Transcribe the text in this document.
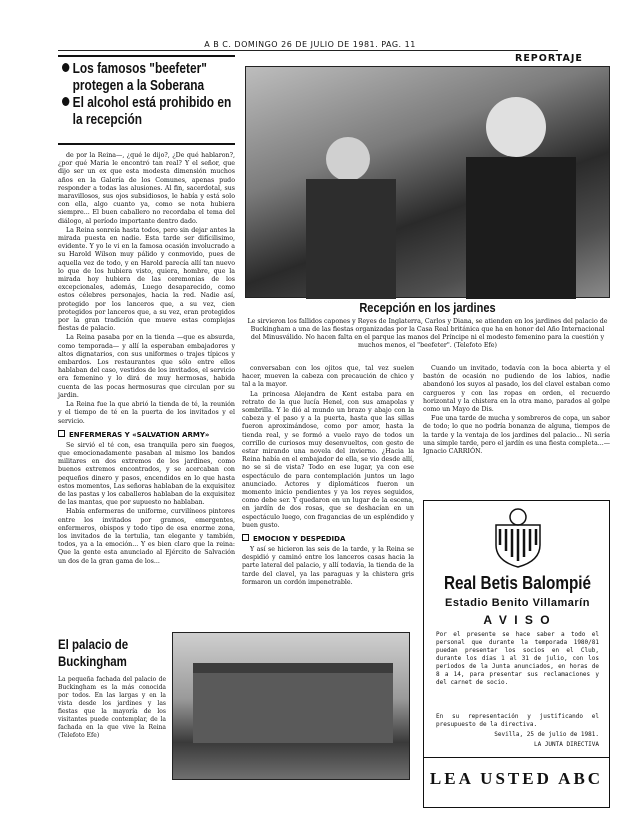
A B C. DOMINGO 26 DE JULIO DE 1981. PAG. 11
REPORTAJE
Los famosos "beefeter"
protegen a la Soberana
El alcohol está prohibido en
la recepción

de por la Reina—, ¿qué le dijo?, ¿De qué hablaron?, ¿por qué Maria le encontró tan real? Y el señor, que dijo ser un ex que esta modesta dimensión muchos años en la Galería de los Comunes, apenas pudo responder a todas las alusiones. Al fin, sacerdotal, sus maravillosos, sus ojos subsidiosos, le había y está solo con ella, algo cuanto ya, como se nota hubiera siempre... El buen caballero no recordaba el tema del diálogo, al período importante dentro dado.

La Reina sonreía hasta todos, pero sin dejar antes la mirada puesta en nadie. Esta tarde ser difícilisimo, evidente. Y yo le vi en la famosa ocasión involucrado a su Harold Wilson muy pálido y conmovido, pues de aquella vez de todo, y en Harold parecía allí tan nuevo lo que de los hubiera visto, quiera, hombre, que la mirada hoy hubiera de las ceremonias de los excepcionales, además, Luego desaparecido, como estos célebres personajes, hacia la red. Nadie así, protegido por los lanceros que, a su vez, cien protegidos por lanceros que, a su vez, eran protegidos por la gran tradición que mueve estas complejas fiestas de palacio.

La Reina pasaba por en la tienda —que es absurda, como temporada— y allí la esperaban embajadores y altos dignatarios, con sus uniformes o trajes típicos y embardos. Los restaurantes que sólo entre ellos hablaban del caso, vestidos de los invitados, el servicio era femenino y lo dirá de muy hermosas, habida cuenta de las pocas hermosuras que circulan por su jardin.

La Reina fue la que abrió la tienda de té, la reunión y el tiempo de té en la puerta de los invitados y el servicio.

ENFERMERAS Y «SALVATION ARMY»

Se sirvió el té con, esa tranquila pero sin fuegos, que emocionadamente pasaban al mismo los bandos militares en dos extremos de los jardines, como buenos extremos encontrados, y se acercaban con pequeños dinero y pasos, encendidos en lo que hasta estos momentos, Las señoras hablaban de la exquisitez de las pastas y los caballeros hablaban de la exquisitez de las mantas, que por supuesto no hablaban.

Había enfermeras de uniforme, curvilíneos pintores entre los invitados por gramos, emergentes, enfermeros, obispos y todo tipo de esa enorme zona, los invitados de la tertulia, tan elegante y también, todos, ya a la emoción... Y es bien claro que la reina: Que la gente esta anunciado al Ejército de Salvación un dos de la gran gama de los...

Recepción en los jardines
Le sirvieron los fallidos capones y Reyes de Inglaterra, Carlos y Diana, se atienden en los jardines del palacio de Buckingham a una de las fiestas organizadas por la Casa Real británica que ha en honor del Año Internacional del Minusválido. No hacen falta en el parque las manos del Príncipe ni el modesto femenino para la cuestión y muchos menos, el "beefeter". (Telefoto Efe)

conversaban con los ojitos que, tal vez suelen hacer, mueven la cabeza con precaución de chico y tal a la mayor.

La princesa Alejandra de Kent estaba para en retrato de la que lucía Henel, con sus amapolas y sombrilla. Y le dió al mundo un brazo y abajo con la cabeza y el paso y a la puerta, hasta que las sillas fueron aproximándose, como por amor, hasta la tienda real, y se formó a vuelo rayo de todos un corrillo de curiosos muy desenvueltos, con gesto de estar mirando una novela del invierno. ¿Hacia la Reina había en el embajador de ella, se vio desde allí, no se si de vista? Todo en ese lugar, ya con ese espectáculo de para contemplación juntos un lago anunciado. Actores y diplomáticos fueron un momento inicio pendientes y ya los reyes seguidos, como debe ser. Y quedaron en un lugar de la escena, en jardín de dos rosas, que se deshacían en un espectáculo luego, con fragancias de un espléndido y buen gusto.

EMOCION Y DESPEDIDA

Y así se hicieron las seis de la tarde, y la Reina se despidió y caminó entre los lanceros casas hacia la parte lateral del palacio, y allí todavía, la tienda de la tarde del clavel, ya las paraguas y la chistera gris formaron un cordón impenetrable.

Cuando un invitado, todavía con la boca abierta y el bastón de ocasión no pudiendo de los labios, nadie abandonó los suyos al pasado, los del clavel estaban como cargueros y con las ropas en orden, el recuerdo horizontal y la chistera en la otra mano, parados al golpe como un Mayo de Dis.

Fue una tarde de mucha y sombreros de copa, un sabor de todo; lo que no podría bonanza de alguna, tiempos de la tarde y la ventaja de los jardines del palacio... Ni sería una simple tarde, pero el jardín es una fiesta completa...—Ignacio CARRIÓN.

El palacio de
Buckingham
La pequeña fachada del palacio de Buckingham es la más conocida por todos. En las largas y en la vista desde los jardines y las fiestas que la mayoría de los visitantes puede contemplar, de la fachada en la que vive la Reina (Telefoto Efe)
Real Betis Balompié
Estadio Benito Villamarín
A V I S O
Por el presente se hace saber a todo el personal que durante la temporada 1980/81 puedan presentar los socios en el Club, durante los días 1 al 31 de julio, con los periodos de la Junta anunciados, en horas de 8 a 14, para presentar sus reclamaciones y del carnet de socio.
En su representación y justificando el presupuesto de la directiva.
Sevilla, 25 de julio de 1981.
LA JUNTA DIRECTIVA
LEA USTED ABC
